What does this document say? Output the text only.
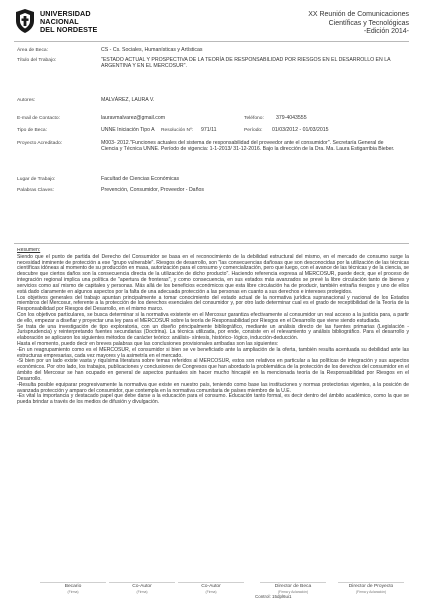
UNIVERSIDAD
NACIONAL
DEL NORDESTE
XX Reunión de Comunicaciones
Científicas y Tecnológicas
-Edición 2014-
Área de Beca:	CS - Cs. Sociales, Humanísticas y Artísticas
Título del Trabajo:	"ESTADO ACTUAL Y PROSPECTIVA DE LA TEORÍA DE RESPONSABILIDAD POR RIESGOS EN EL DESARROLLO EN LA ARGENTINA Y EN EL MERCOSUR".
Autores:	MALVÁREZ, LAURA V.
E-mail de Contacto:	lauravmalvarez@gmail.com	Teléfono: 379-4043555
Tipo de Beca:	UNNE Iniciación Tipo A Resolución Nº: 971/11	Período: 01/03/2012 - 01/03/2015
Proyecto Acreditado:	M003- 2012."Funciones actuales del sistema de responsabilidad del proveedor ante el consumidor". Secretaría General de Ciencia y Técnica UNNE. Período de vigencia: 1-1-2013/ 31-12-2016. Bajo la dirección de la Dra. Ma. Laura Estigarribia Bieber.
Lugar de Trabajo:	Facultad de Ciencias Económicas
Palabras Claves:	Prevención, Consumidor, Proveedor - Daños
Resumen:

Siendo que el punto de partida del Derecho del Consumidor se basa en el reconocimiento de la debilidad estructural del mismo, en el mercado de consumo surge la necesidad inminente de protección a ese "grupo vulnerable". Riesgos de desarrollo, son "las consecuencias dañosas que son desconocidas por la utilización de las técnicas científicas idóneas al momento de su producción en masa, autorización para el consumo y comercialización, pero que luego, con el avance de las técnicas y de la ciencia, se descubre que ciertos daños son la consecuencia directa de la utilización de dicho producto". Haciendo referencia expresa al MERCOSUR, puede decir, que el proceso de integración regional implica una política de "apertura de fronteras", y como consecuencia, en sus estados más avanzados se prevé la libre circulación tanto de bienes y servicios como así mismo de capitales y personas. Más allá de los beneficios económicos que esta libre circulación ha de producir, también entraña riesgos y uno de ellos está dado claramente en algunos aspectos por la falta de una adecuada protección a las personas en cuanto a sus derechos e intereses protegidos.

Los objetivos generales del trabajo apuntan principalmente a tomar conocimiento del estado actual de la normativa jurídica supranacional y nacional de los Estados miembros del Mercosur, referente a la protección de los derechos esenciales del consumidor y, por otro lado determinar cual es el grado de receptibilidad de la Teoría de la Responsabilidad por Riesgos del Desarrollo, en el mismo marco.

Con los objetivos particulares, se busca determinar si la normativa existente en el Mercosur garantiza efectivamente al consumidor un real acceso a la justicia para, a partir de ello, empezar a diseñar y proyectar una ley para el MERCOSUR sobre la teoría de Responsabilidad por Riesgos en el Desarrollo que viene siendo estudiada.

Se trata de una investigación de tipo exploratoria, con un diseño principalmente bibliográfico, mediante un análisis directo de las fuentes primarias (Legislación - Jurisprudencia) y reinterpretando fuentes secundarias (Doctrina). La técnica utilizada, por ende, consiste en el relevamiento y análisis bibliográfico. Para el desarrollo y elaboración se aplicaron los siguientes métodos de carácter teórico: análisis- síntesis, histórico- lógico, inducción-deducción.

Hasta el momento, puedo decir en breves palabras que las conclusiones provisionales arribadas son las siguientes:

-En un reagrupamiento como es el MERCOSUR, el consumidor si bien se ve beneficiado ante la ampliación de la oferta, también resulta acentuada su debilidad ante las estructuras empresarias, cada vez mayores y la asimetría en el mercado.

-Si bien por un lado existe vasta y riquísima literatura sobre temas referidos al MERCOSUR, estos son relativos en particular a las políticas de integración y sus aspectos económicos. Por otro lado, los trabajos, publicaciones y conclusiones de Congresos que han abordado la problemática de la protección de los derechos del consumidor en el ámbito del Mercosur se han ocupado en general de aspectos puntuales sin hacer mucho hincapié en la mencionada teoría de la Responsabilidad por Riesgos en el Desarrollo.

-Resulta posible equiparar progresivamente la normativa que existe en nuestro país, teniendo como base las instituciones y normas protectorias vigentes, a la posición de avanzada protección y amparo del consumidor, que contempla en la normativa comunitaria de países miembro de la U.E.

-Es vital la importancia y destacado papel que debe darse a la educación para el consumo. Educación tanto formal, es decir dentro del ámbito académico, como la que se pueda brindar a través de los medios de difusión y divulgación.

Becario
(Firma)
Co-Autor
(Firma)
Co-Autor
(Firma)
Director de Beca
(Firma y Aclaración)
Director de Proyecto
(Firma y Aclaración)
Control: 15dpl6ui1
